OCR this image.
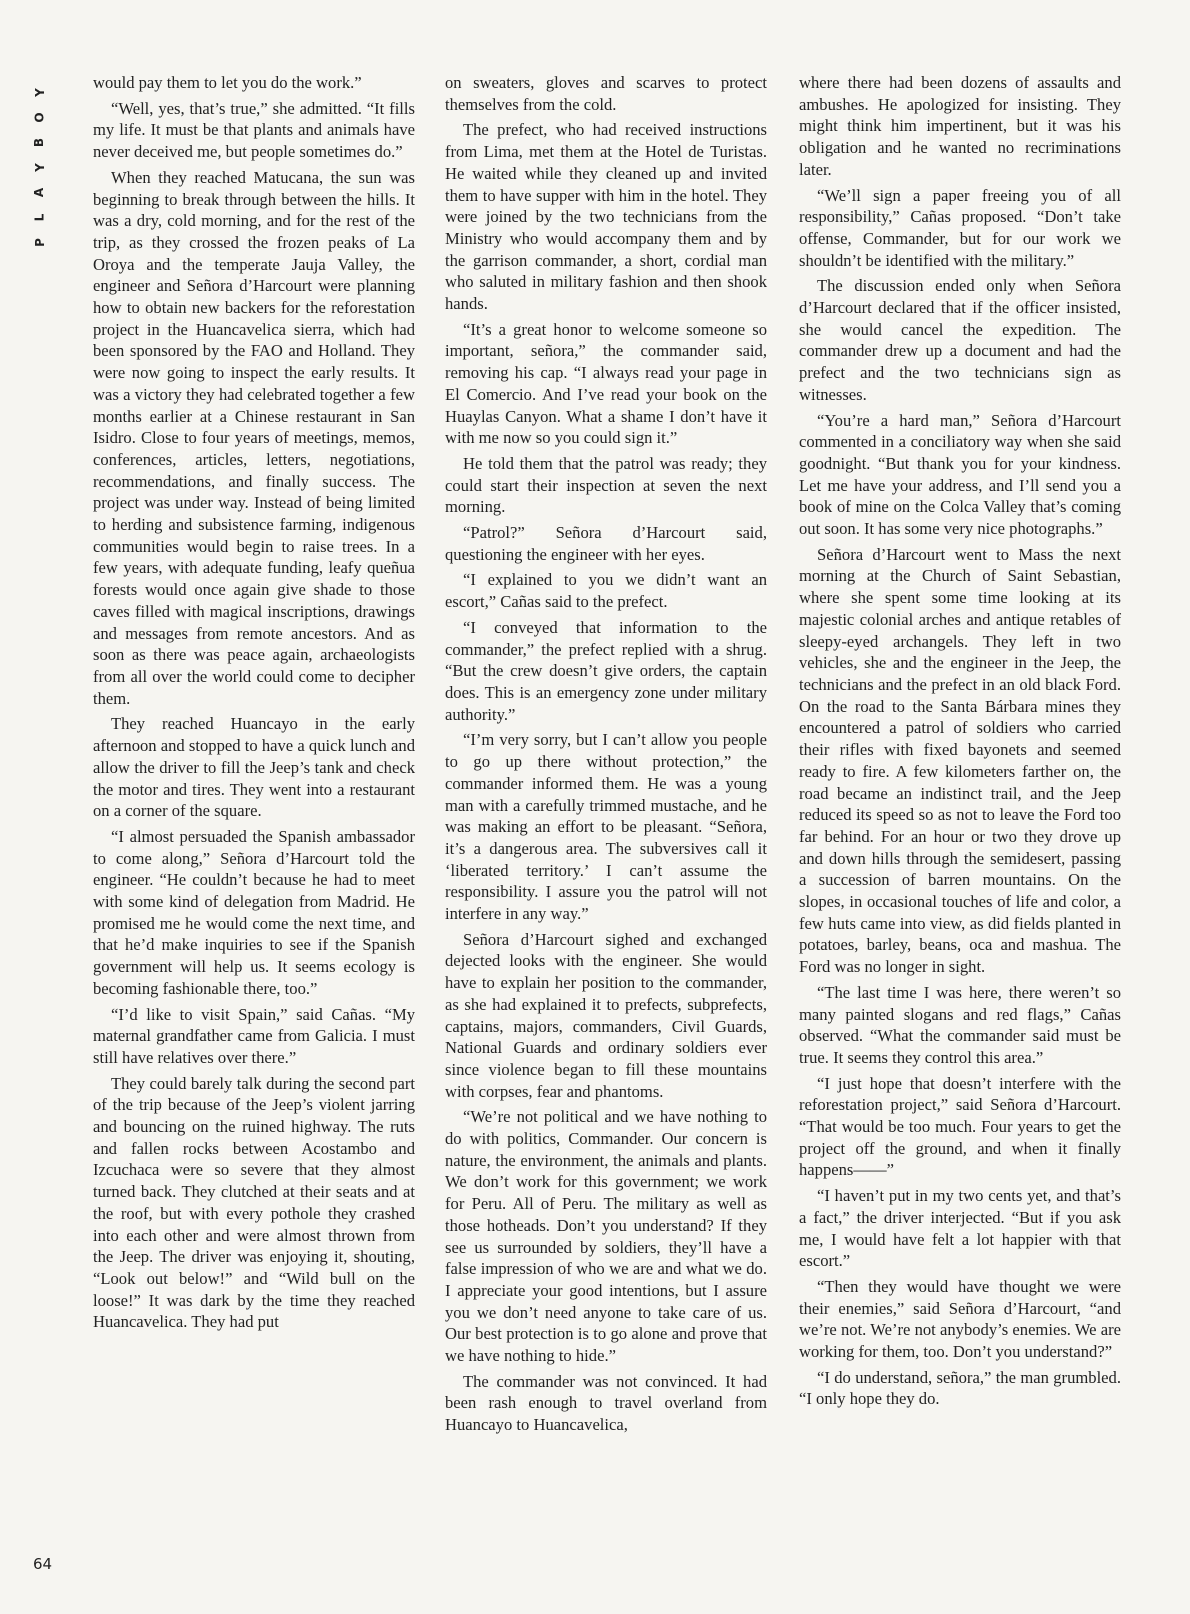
Y
O
B
Y
A
L
P

would pay them to let you do the work.”

“Well, yes, that’s true,” she admitted. “It fills my life. It must be that plants and animals have never deceived me, but people sometimes do.”

When they reached Matucana, the sun was beginning to break through between the hills. It was a dry, cold morning, and for the rest of the trip, as they crossed the frozen peaks of La Oroya and the temperate Jauja Valley, the engineer and Señora d’Harcourt were planning how to obtain new backers for the reforestation project in the Huancavelica sierra, which had been sponsored by the FAO and Holland. They were now going to inspect the early results. It was a victory they had celebrated together a few months earlier at a Chinese restaurant in San Isidro. Close to four years of meetings, memos, conferences, articles, letters, negotiations, recommendations, and finally success. The project was under way. Instead of being limited to herding and subsistence farming, indigenous communities would begin to raise trees. In a few years, with adequate funding, leafy queñua forests would once again give shade to those caves filled with magical inscriptions, drawings and messages from remote ancestors. And as soon as there was peace again, archaeologists from all over the world could come to decipher them.

They reached Huancayo in the early afternoon and stopped to have a quick lunch and allow the driver to fill the Jeep’s tank and check the motor and tires. They went into a restaurant on a corner of the square.

“I almost persuaded the Spanish ambassador to come along,” Señora d’Harcourt told the engineer. “He couldn’t because he had to meet with some kind of delegation from Madrid. He promised me he would come the next time, and that he’d make inquiries to see if the Spanish government will help us. It seems ecology is becoming fashionable there, too.”

“I’d like to visit Spain,” said Cañas. “My maternal grandfather came from Galicia. I must still have relatives over there.”

They could barely talk during the second part of the trip because of the Jeep’s violent jarring and bouncing on the ruined highway. The ruts and fallen rocks between Acostambo and Izcuchaca were so severe that they almost turned back. They clutched at their seats and at the roof, but with every pothole they crashed into each other and were almost thrown from the Jeep. The driver was enjoying it, shouting, “Look out below!” and “Wild bull on the loose!” It was dark by the time they reached Huancavelica. They had put

on sweaters, gloves and scarves to protect themselves from the cold.

The prefect, who had received instructions from Lima, met them at the Hotel de Turistas. He waited while they cleaned up and invited them to have supper with him in the hotel. They were joined by the two technicians from the Ministry who would accompany them and by the garrison commander, a short, cordial man who saluted in military fashion and then shook hands.

“It’s a great honor to welcome someone so important, señora,” the commander said, removing his cap. “I always read your page in El Comercio. And I’ve read your book on the Huaylas Canyon. What a shame I don’t have it with me now so you could sign it.”

He told them that the patrol was ready; they could start their inspection at seven the next morning.

“Patrol?” Señora d’Harcourt said, questioning the engineer with her eyes.

“I explained to you we didn’t want an escort,” Cañas said to the prefect.

“I conveyed that information to the commander,” the prefect replied with a shrug. “But the crew doesn’t give orders, the captain does. This is an emergency zone under military authority.”

“I’m very sorry, but I can’t allow you people to go up there without protection,” the commander informed them. He was a young man with a carefully trimmed mustache, and he was making an effort to be pleasant. “Señora, it’s a dangerous area. The subversives call it ‘liberated territory.’ I can’t assume the responsibility. I assure you the patrol will not interfere in any way.”

Señora d’Harcourt sighed and exchanged dejected looks with the engineer. She would have to explain her position to the commander, as she had explained it to prefects, subprefects, captains, majors, commanders, Civil Guards, National Guards and ordinary soldiers ever since violence began to fill these mountains with corpses, fear and phantoms.

“We’re not political and we have nothing to do with politics, Commander. Our concern is nature, the environment, the animals and plants. We don’t work for this government; we work for Peru. All of Peru. The military as well as those hotheads. Don’t you understand? If they see us surrounded by soldiers, they’ll have a false impression of who we are and what we do. I appreciate your good intentions, but I assure you we don’t need anyone to take care of us. Our best protection is to go alone and prove that we have nothing to hide.”

The commander was not convinced. It had been rash enough to travel overland from Huancayo to Huancavelica,

where there had been dozens of assaults and ambushes. He apologized for insisting. They might think him impertinent, but it was his obligation and he wanted no recriminations later.

“We’ll sign a paper freeing you of all responsibility,” Cañas proposed. “Don’t take offense, Commander, but for our work we shouldn’t be identified with the military.”

The discussion ended only when Señora d’Harcourt declared that if the officer insisted, she would cancel the expedition. The commander drew up a document and had the prefect and the two technicians sign as witnesses.

“You’re a hard man,” Señora d’Harcourt commented in a conciliatory way when she said goodnight. “But thank you for your kindness. Let me have your address, and I’ll send you a book of mine on the Colca Valley that’s coming out soon. It has some very nice photographs.”

Señora d’Harcourt went to Mass the next morning at the Church of Saint Sebastian, where she spent some time looking at its majestic colonial arches and antique retables of sleepy-eyed archangels. They left in two vehicles, she and the engineer in the Jeep, the technicians and the prefect in an old black Ford. On the road to the Santa Bárbara mines they encountered a patrol of soldiers who carried their rifles with fixed bayonets and seemed ready to fire. A few kilometers farther on, the road became an indistinct trail, and the Jeep reduced its speed so as not to leave the Ford too far behind. For an hour or two they drove up and down hills through the semidesert, passing a succession of barren mountains. On the slopes, in occasional touches of life and color, a few huts came into view, as did fields planted in potatoes, barley, beans, oca and mashua. The Ford was no longer in sight.

“The last time I was here, there weren’t so many painted slogans and red flags,” Cañas observed. “What the commander said must be true. It seems they control this area.”

“I just hope that doesn’t interfere with the reforestation project,” said Señora d’Harcourt. “That would be too much. Four years to get the project off the ground, and when it finally happens——”

“I haven’t put in my two cents yet, and that’s a fact,” the driver interjected. “But if you ask me, I would have felt a lot happier with that escort.”

“Then they would have thought we were their enemies,” said Señora d’Harcourt, “and we’re not. We’re not anybody’s enemies. We are working for them, too. Don’t you understand?”

“I do understand, señora,” the man grumbled. “I only hope they do.

64
